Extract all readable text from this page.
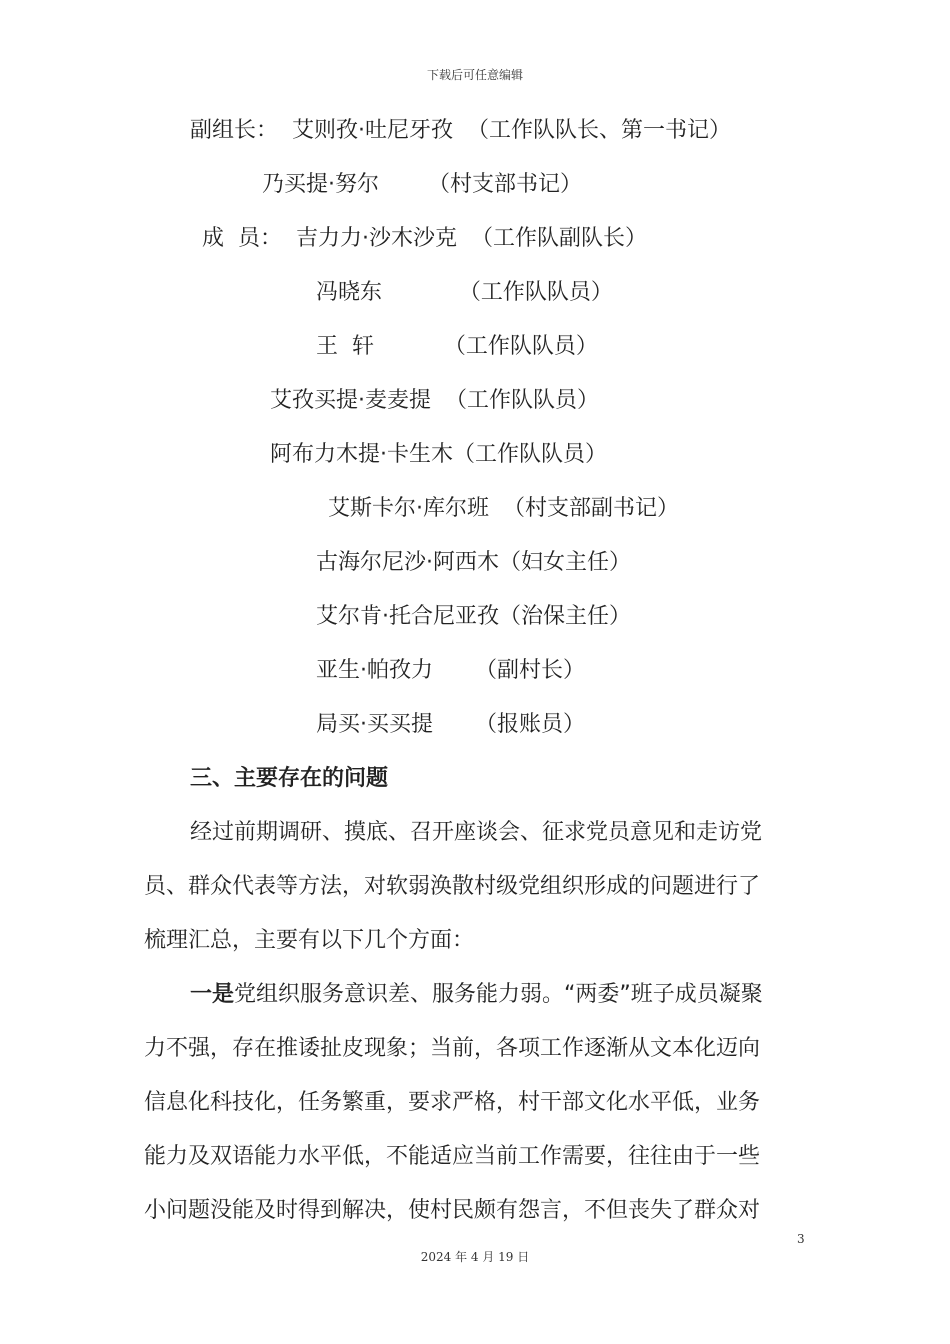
下载后可任意编辑
副组长：  艾则孜·吐尼牙孜  （工作队队长、第一书记）
乃买提·努尔       （村支部书记）
成  员：  吉力力·沙木沙克  （工作队副队长）
冯晓东           （工作队队员）
王  轩          （工作队队员）
艾孜买提·麦麦提  （工作队队员）
阿布力木提·卡生木（工作队队员）
艾斯卡尔·库尔班  （村支部副书记）
古海尔尼沙·阿西木（妇女主任）
艾尔肯·托合尼亚孜（治保主任）
亚生·帕孜力      （副村长）
局买·买买提      （报账员）
三、主要存在的问题
经过前期调研、摸底、召开座谈会、征求党员意见和走访党
员、群众代表等方法，对软弱涣散村级党组织形成的问题进行了
梳理汇总，主要有以下几个方面：
一是党组织服务意识差、服务能力弱。“两委”班子成员凝聚
力不强，存在推诿扯皮现象；当前，各项工作逐渐从文本化迈向
信息化科技化，任务繁重，要求严格，村干部文化水平低，业务
能力及双语能力水平低，不能适应当前工作需要，往往由于一些
小问题没能及时得到解决，使村民颇有怨言，不但丧失了群众对
3
2024 年 4 月 19 日
